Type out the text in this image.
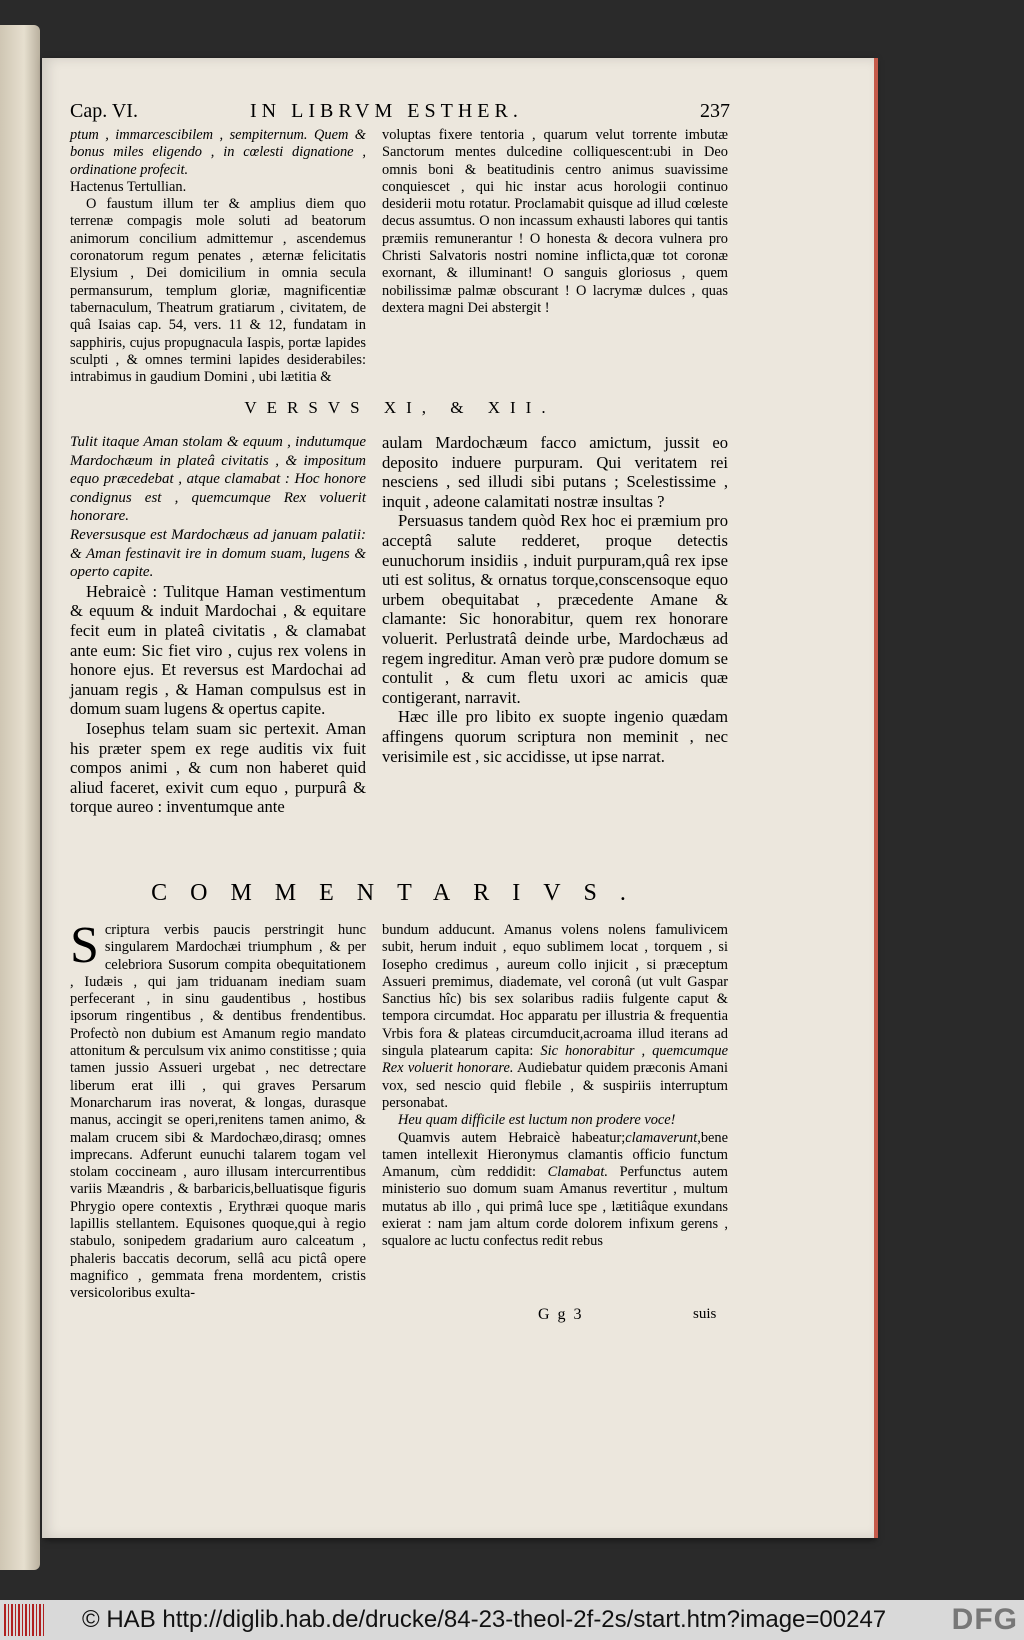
Cap. VI.	IN LIBRVM ESTHER.	237

ptum , immarcescibilem , sempiternum. Quem & bonus miles eligendo , in cœlesti dignatione , ordinatione profecit.

Hactenus Tertullian.

O faustum illum ter & amplius diem quo terrenæ compagis mole soluti ad beatorum animorum concilium admittemur , ascendemus coronatorum regum penates , æternæ felicitatis Elysium , Dei domicilium in omnia secula permansurum, templum gloriæ, magnificentiæ tabernaculum, Theatrum gratiarum , civitatem, de quâ Isaias cap. 54, vers. 11 & 12, fundatam in sapphiris, cujus propugnacula Iaspis, portæ lapides sculpti , & omnes termini lapides desiderabiles: intrabimus in gaudium Domini , ubi lætitia &

voluptas fixere tentoria , quarum velut torrente imbutæ Sanctorum mentes dulcedine colliquescent:ubi in Deo omnis boni & beatitudinis centro animus suavissime conquiescet , qui hic instar acus horologii continuo desiderii motu rotatur. Proclamabit quisque ad illud cœleste decus assumtus. O non incassum exhausti labores qui tantis præmiis remunerantur ! O honesta & decora vulnera pro Christi Salvatoris nostri nomine inflicta,quæ tot coronæ exornant, & illuminant! O sanguis gloriosus , quem nobilissimæ palmæ obscurant ! O lacrymæ dulces , quas dextera magni Dei abstergit !

VERSVS XI, & XII.

Tulit itaque Aman stolam & equum , indutumque Mardochæum in plateâ civitatis , & impositum equo præcedebat , atque clamabat : Hoc honore condignus est , quemcumque Rex voluerit honorare.

Reversusque est Mardochæus ad januam palatii: & Aman festinavit ire in domum suam, lugens & operto capite.

Hebraicè : Tulitque Haman vestimentum & equum & induit Mardochai , & equitare fecit eum in plateâ civitatis , & clamabat ante eum: Sic fiet viro , cujus rex volens in honore ejus. Et reversus est Mardochai ad januam regis , & Haman compulsus est in domum suam lugens & opertus capite.

Iosephus telam suam sic pertexit. Aman his præter spem ex rege auditis vix fuit compos animi , & cum non haberet quid aliud faceret, exivit cum equo , purpurâ & torque aureo : inventumque ante

aulam Mardochæum facco amictum, jussit eo deposito induere purpuram. Qui veritatem rei nesciens , sed illudi sibi putans ; Scelestissime , inquit , adeone calamitati nostræ insultas ?

Persuasus tandem quòd Rex hoc ei præmium pro acceptâ salute redderet, proque detectis eunuchorum insidiis , induit purpuram,quâ rex ipse uti est solitus, & ornatus torque,conscensoque equo urbem obequitabat , præcedente Amane & clamante: Sic honorabitur, quem rex honorare voluerit. Perlustratâ deinde urbe, Mardochæus ad regem ingreditur. Aman verò præ pudore domum se contulit , & cum fletu uxori ac amicis quæ contigerant, narravit.

Hæc ille pro libito ex suopte ingenio quædam affingens quorum scriptura non meminit , nec verisimile est , sic accidisse, ut ipse narrat.

COMMENTARIVS.

Scriptura verbis paucis perstringit hunc singularem Mardochæi triumphum , & per celebriora Susorum compita obequitationem , Iudæis , qui jam triduanam inediam suam perfecerant , in sinu gaudentibus , hostibus ipsorum ringentibus , & dentibus frendentibus. Profectò non dubium est Amanum regio mandato attonitum & perculsum vix animo constitisse ; quia tamen jussio Assueri urgebat , nec detrectare liberum erat illi , qui graves Persarum Monarcharum iras noverat, & longas, durasque manus, accingit se operi,renitens tamen animo, & malam crucem sibi & Mardochæo,dirasq; omnes imprecans. Adferunt eunuchi talarem togam vel stolam coccineam , auro illusam intercurrentibus variis Mæandris , & barbaricis,belluatisque figuris Phrygio opere contextis , Erythræi quoque maris lapillis stellantem. Equisones quoque,qui à regio stabulo, sonipedem gradarium auro calceatum , phaleris baccatis decorum, sellâ acu pictâ opere magnifico , gemmata frena mordentem, cristis versicoloribus exulta-

bundum adducunt. Amanus volens nolens famulivicem subit, herum induit , equo sublimem locat , torquem , si Iosepho credimus , aureum collo injicit , si præceptum Assueri premimus, diademate, vel coronâ (ut vult Gaspar Sanctius hîc) bis sex solaribus radiis fulgente caput & tempora circumdat. Hoc apparatu per illustria & frequentia Vrbis fora & plateas circumducit,acroama illud iterans ad singula platearum capita: Sic honorabitur , quemcumque Rex voluerit honorare. Audiebatur quidem præconis Amani vox, sed nescio quid flebile , & suspiriis interruptum personabat.

Heu quam difficile est luctum non prodere voce!

Quamvis autem Hebraicè habeatur;clamaverunt,bene tamen intellexit Hieronymus clamantis officio functum Amanum, cùm reddidit: Clamabat. Perfunctus autem ministerio suo domum suam Amanus revertitur , multum mutatus ab illo , qui primâ luce spe , lætitiâque exundans exierat : nam jam altum corde dolorem infixum gerens , squalore ac luctu confectus redit rebus

G g 3	suis
© HAB http://diglib.hab.de/drucke/84-23-theol-2f-2s/start.htm?image=00247 DFG
